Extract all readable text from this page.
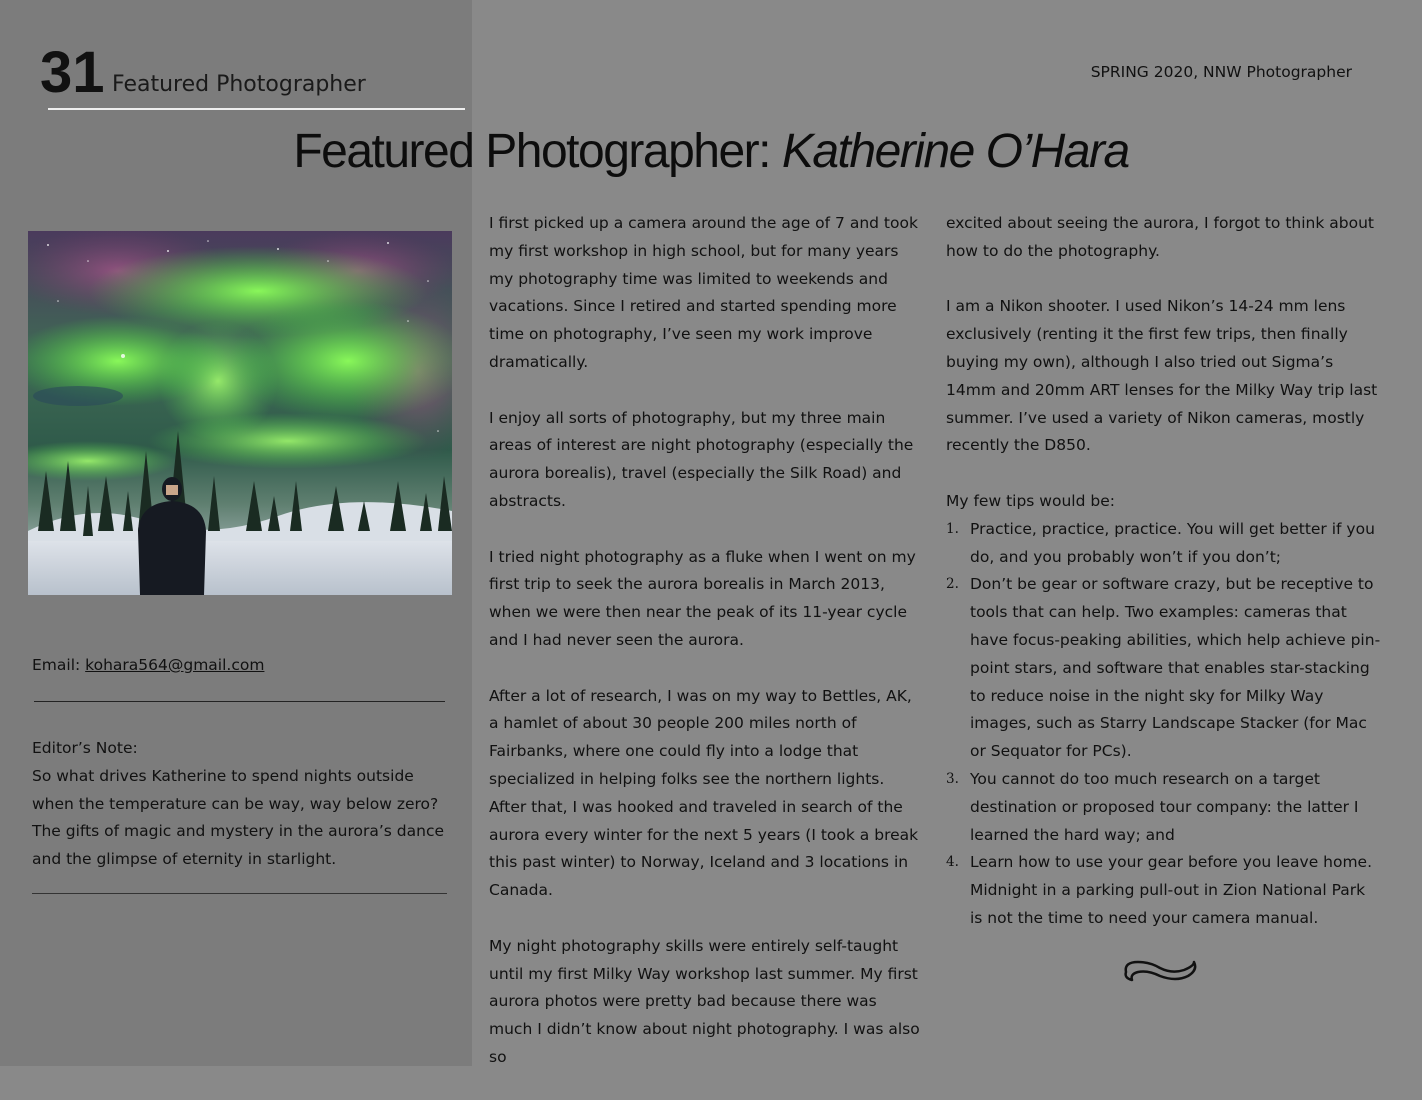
31 Featured Photographer	SPRING 2020, NNW Photographer
Featured Photographer: Katherine O’Hara
Email: kohara564@gmail.com

Editor’s Note:

So what drives Katherine to spend nights outside when the temperature can be way, way below zero? The gifts of magic and mystery in the aurora’s dance and the glimpse of eternity in starlight.

I first picked up a camera around the age of 7 and took my first workshop in high school, but for many years my photography time was limited to weekends and vacations. Since I retired and started spending more time on photography, I’ve seen my work improve dramatically.

I enjoy all sorts of photography, but my three main areas of interest are night photography (especially the aurora borealis), travel (especially the Silk Road) and abstracts.

I tried night photography as a fluke when I went on my first trip to seek the aurora borealis in March 2013, when we were then near the peak of its 11-year cycle and I had never seen the aurora.

After a lot of research, I was on my way to Bettles, AK, a hamlet of about 30 people 200 miles north of Fairbanks, where one could fly into a lodge that specialized in helping folks see the northern lights. After that, I was hooked and traveled in search of the aurora every winter for the next 5 years (I took a break this past winter) to Norway, Iceland and 3 locations in Canada.

My night photography skills were entirely self-taught until my first Milky Way workshop last summer. My first aurora photos were pretty bad because there was much I didn’t know about night photography. I was also so

excited about seeing the aurora, I forgot to think about how to do the photography.

I am a Nikon shooter. I used Nikon’s 14-24 mm lens exclusively (renting it the first few trips, then finally buying my own), although I also tried out Sigma’s 14mm and 20mm ART lenses for the Milky Way trip last summer. I’ve used a variety of Nikon cameras, mostly recently the D850.

My few tips would be:

1. Practice, practice, practice. You will get better if you do, and you probably won’t if you don’t;
2. Don’t be gear or software crazy, but be receptive to tools that can help. Two examples: cameras that have focus-peaking abilities, which help achieve pin-point stars, and software that enables star-stacking to reduce noise in the night sky for Milky Way images, such as Starry Landscape Stacker (for Mac or Sequator for PCs).
3. You cannot do too much research on a target destination or proposed tour company: the latter I learned the hard way; and
4. Learn how to use your gear before you leave home. Midnight in a parking pull-out in Zion National Park is not the time to need your camera manual.
